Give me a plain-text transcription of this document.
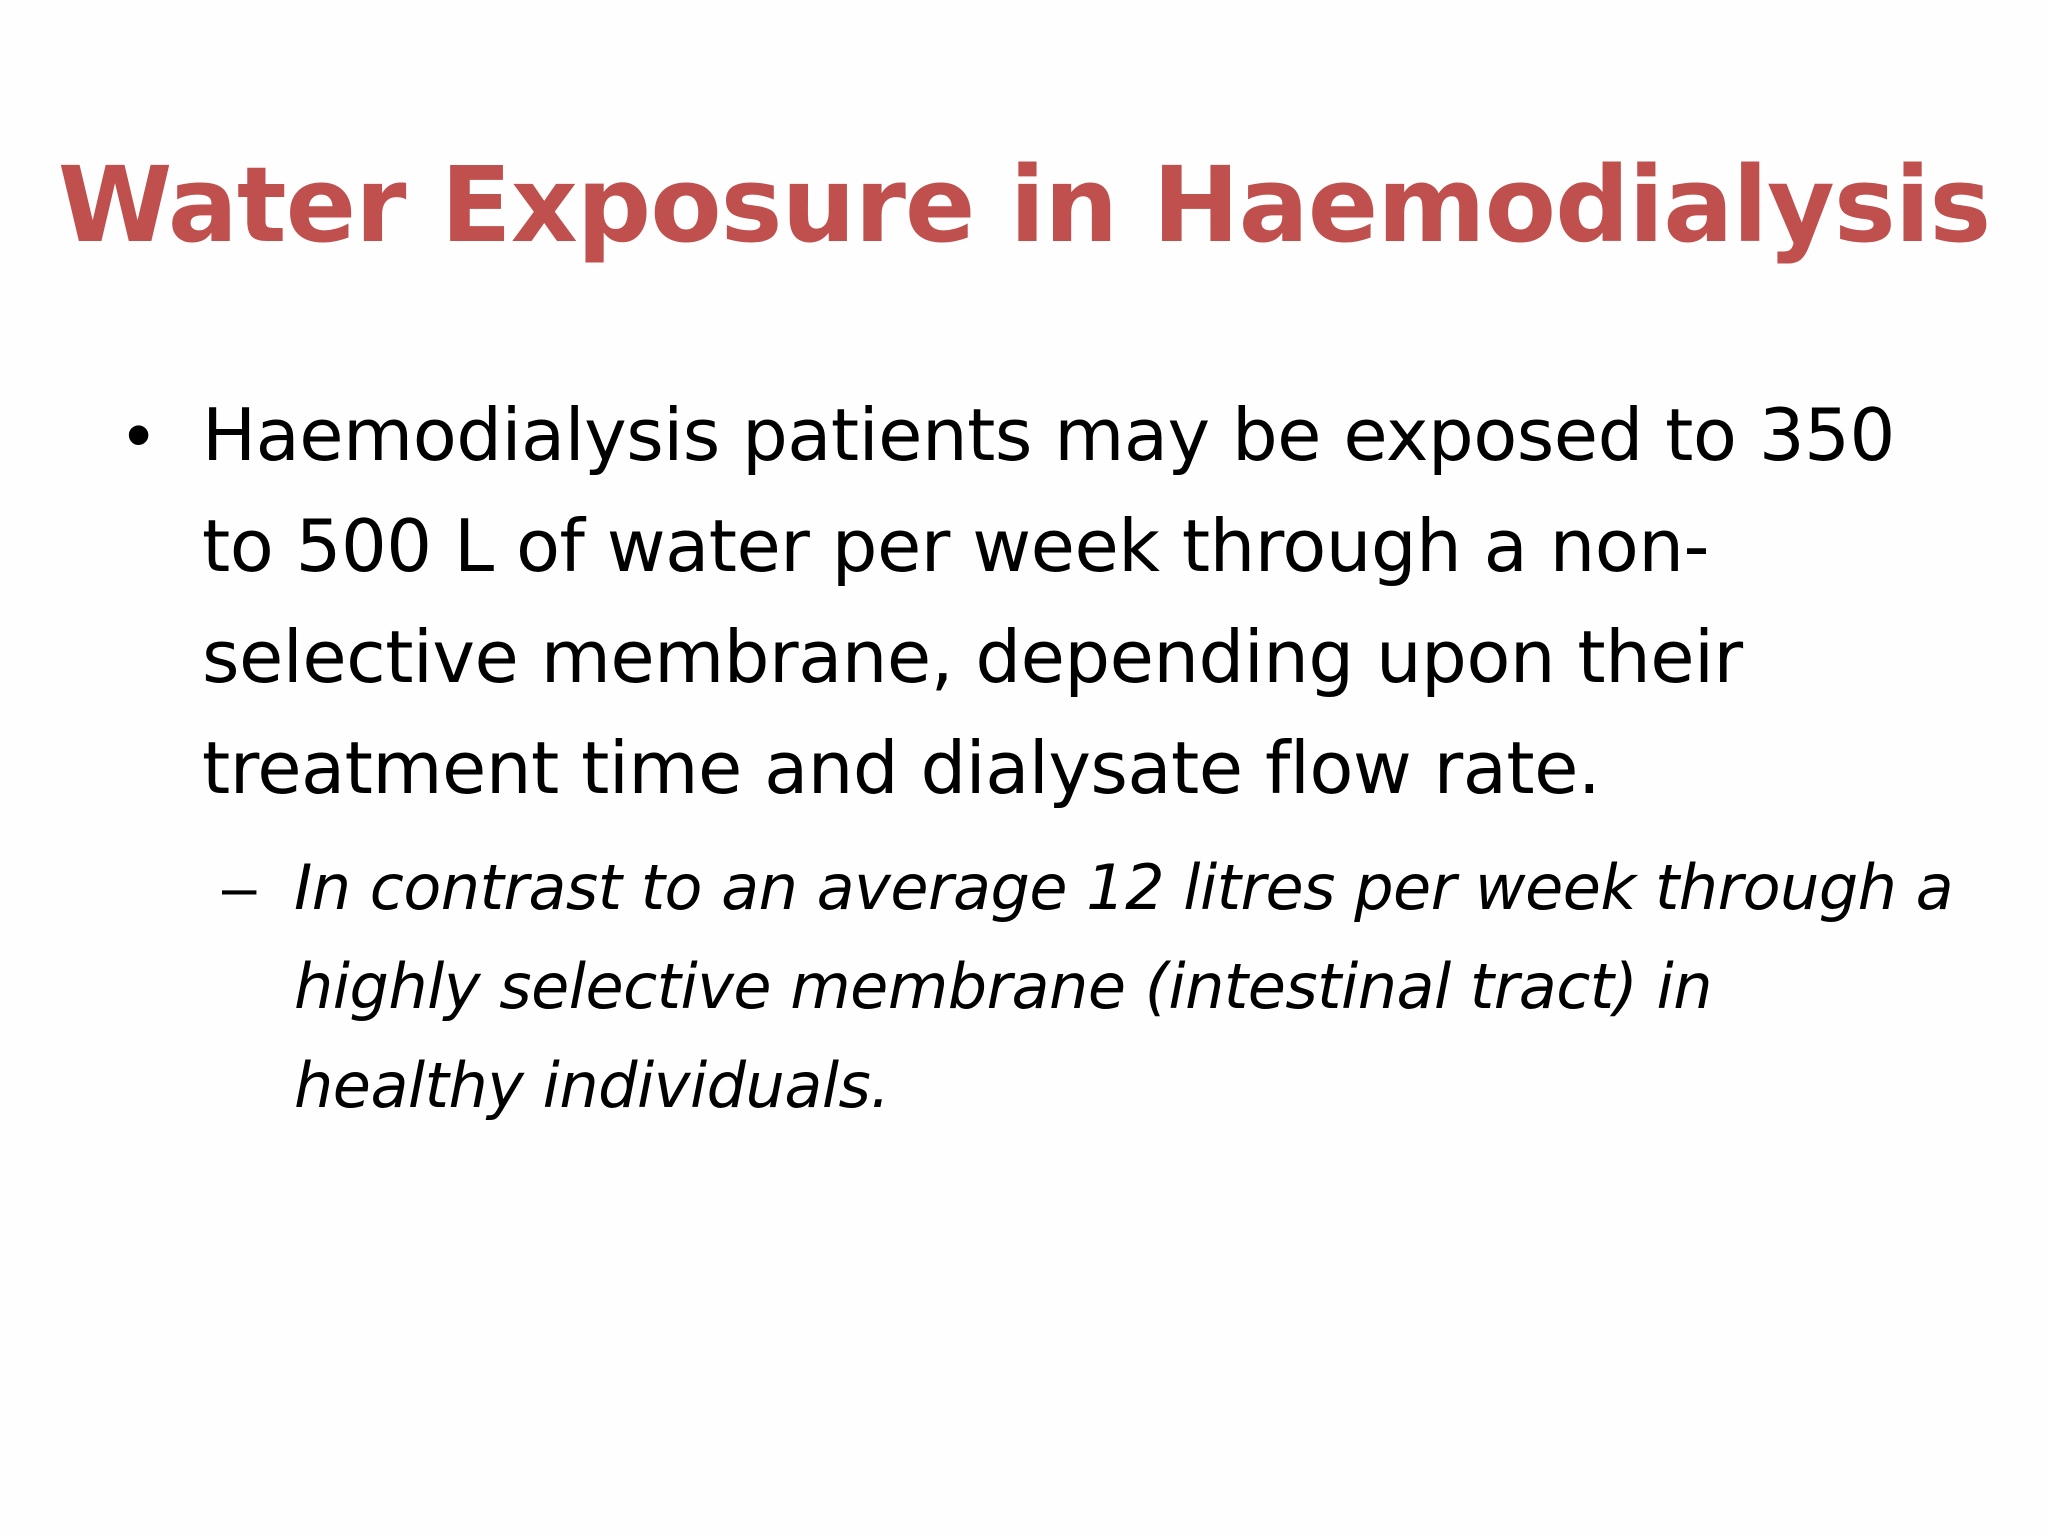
Water Exposure in Haemodialysis
• Haemodialysis patients may be exposed to 350 to 500 L of water per week through a non-selective membrane, depending upon their treatment time and dialysate flow rate.
– In contrast to an average 12 litres per week through a highly selective membrane (intestinal tract) in healthy individuals.
